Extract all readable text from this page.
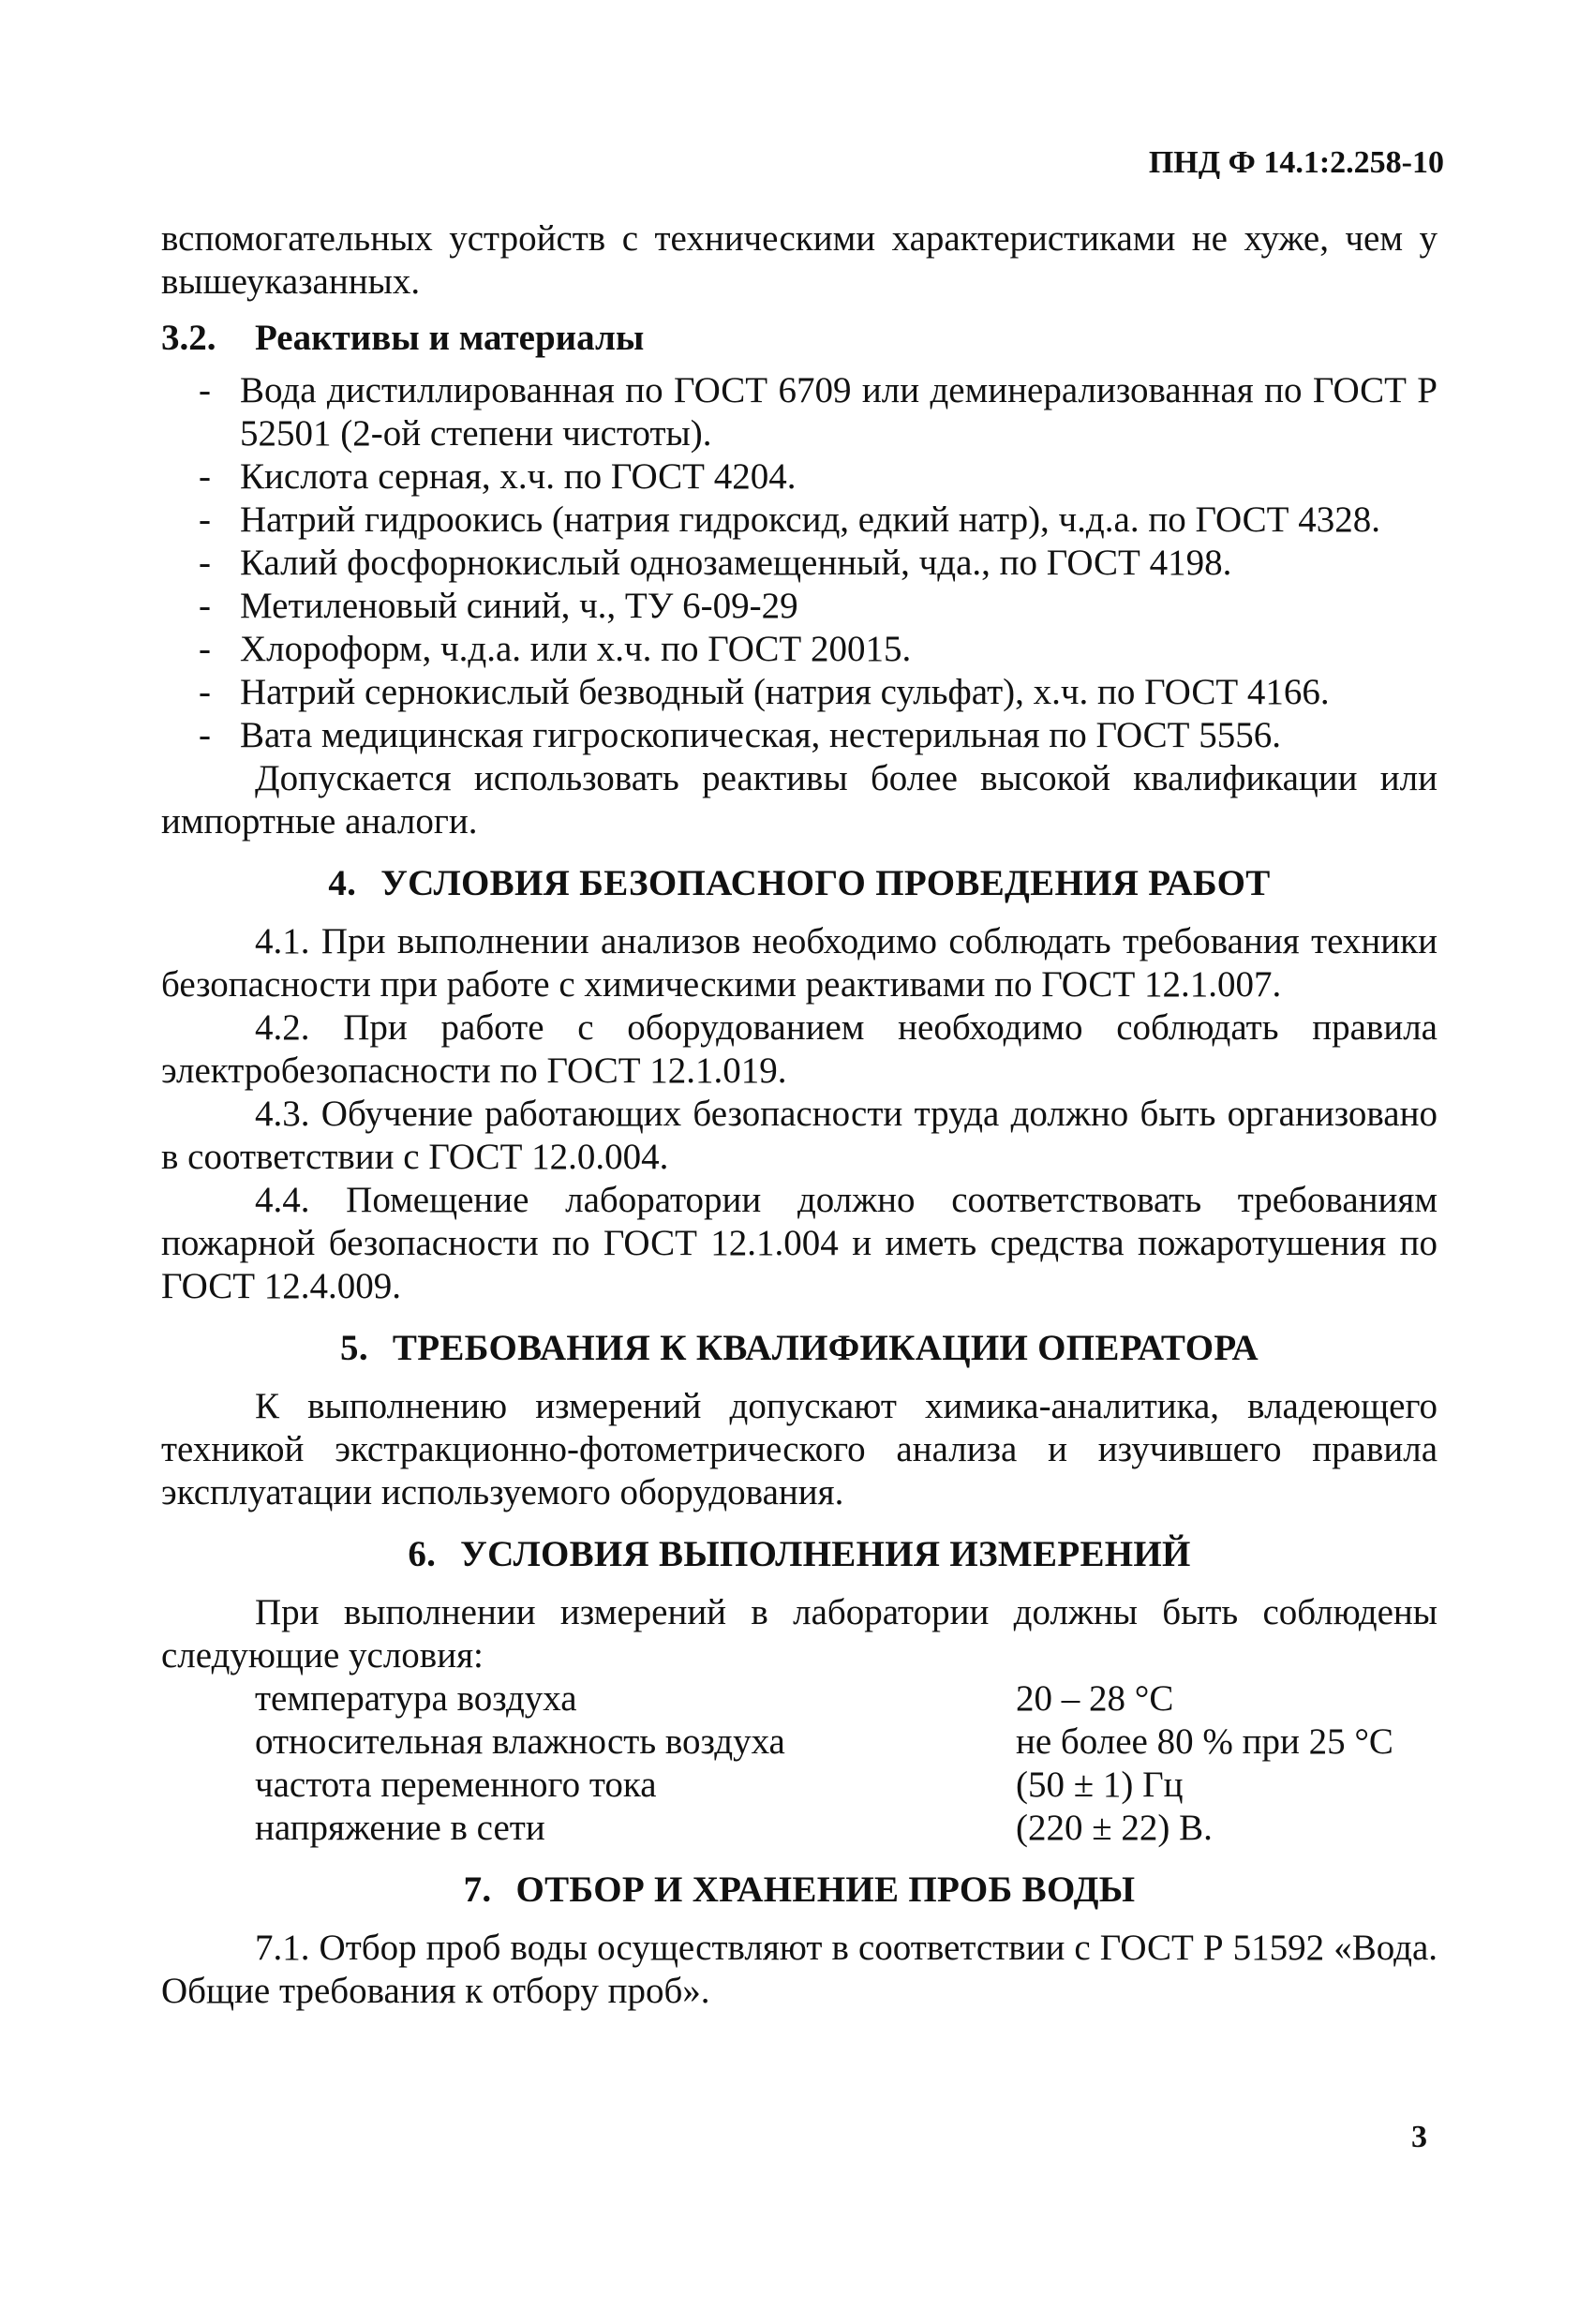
ПНД Ф 14.1:2.258-10

вспомогательных устройств с техническими характеристиками не хуже, чем у вышеуказанных.

3.2.	Реактивы и материалы
- Вода дистиллированная по ГОСТ 6709 или деминерализованная по ГОСТ Р 52501 (2-ой степени чистоты).
- Кислота серная, х.ч. по ГОСТ 4204.
- Натрий гидроокись (натрия гидроксид, едкий натр), ч.д.а. по ГОСТ 4328.
- Калий фосфорнокислый однозамещенный, чда., по ГОСТ 4198.
- Метиленовый синий, ч., ТУ 6-09-29
- Хлороформ, ч.д.а. или х.ч. по ГОСТ 20015.
- Натрий сернокислый безводный (натрия сульфат), х.ч. по ГОСТ 4166.
- Вата медицинская гигроскопическая, нестерильная по ГОСТ 5556.

Допускается использовать реактивы более высокой квалификации или импортные аналоги.

4. УСЛОВИЯ БЕЗОПАСНОГО ПРОВЕДЕНИЯ РАБОТ

4.1. При выполнении анализов необходимо соблюдать требования техники безопасности при работе с химическими реактивами по ГОСТ 12.1.007.

4.2. При работе с оборудованием необходимо соблюдать правила электробезопасности по ГОСТ 12.1.019.

4.3. Обучение работающих безопасности труда должно быть организовано в соответствии с ГОСТ 12.0.004.

4.4. Помещение лаборатории должно соответствовать требованиям пожарной безопасности по ГОСТ 12.1.004 и иметь средства пожаротушения по ГОСТ 12.4.009.

5. ТРЕБОВАНИЯ К КВАЛИФИКАЦИИ ОПЕРАТОРА

К выполнению измерений допускают химика-аналитика, владеющего техникой экстракционно-фотометрического анализа и изучившего правила эксплуатации используемого оборудования.

6. УСЛОВИЯ ВЫПОЛНЕНИЯ ИЗМЕРЕНИЙ

При выполнении измерений в лаборатории должны быть соблюдены следующие условия:

температура воздуха	20 – 28 °С
относительная влажность воздуха	не более 80 % при 25 °С
частота переменного тока	(50 ± 1) Гц
напряжение в сети	(220 ± 22) В.
7. ОТБОР И ХРАНЕНИЕ ПРОБ ВОДЫ

7.1. Отбор проб воды осуществляют в соответствии с ГОСТ Р 51592 «Вода. Общие требования к отбору проб».

3
